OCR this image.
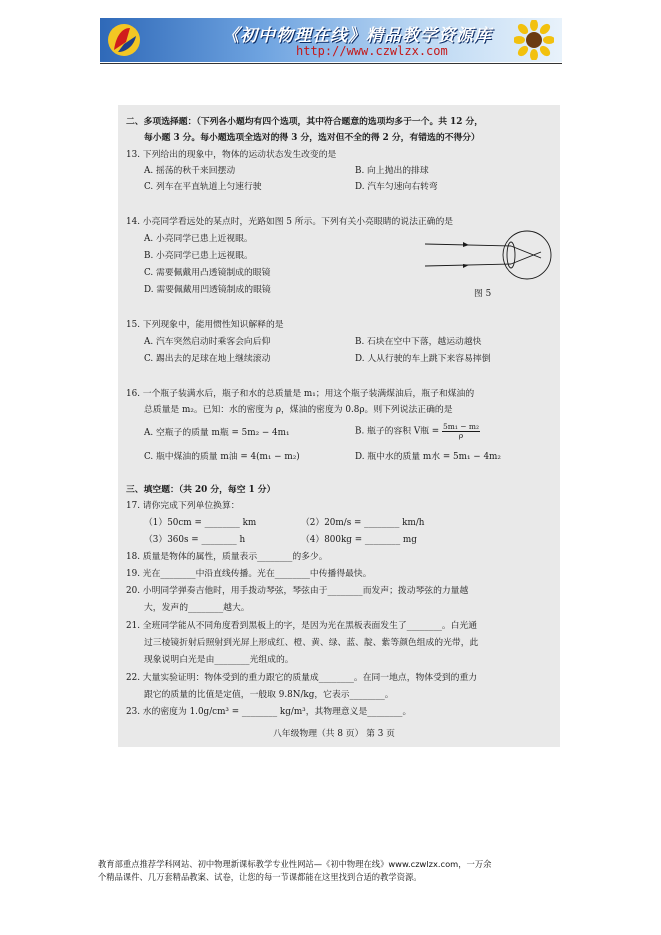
《初中物理在线》精品教学资源库
http://www.czwlzx.com
二、多项选择题：（下列各小题均有四个选项，其中符合题意的选项均多于一个。共 12 分，
每小题 3 分。每小题选项全选对的得 3 分，选对但不全的得 2 分，有错选的不得分）
13. 下列给出的现象中，物体的运动状态发生改变的是
A. 摇荡的秋千来回摆动	B. 向上抛出的排球
C. 列车在平直轨道上匀速行驶	D. 汽车匀速向右转弯
14. 小亮同学看远处的某点时，光路如图 5 所示。下列有关小亮眼睛的说法正确的是
A. 小亮同学已患上近视眼。
B. 小亮同学已患上远视眼。
C. 需要佩戴用凸透镜制成的眼镜
D. 需要佩戴用凹透镜制成的眼镜	图 5
15. 下列现象中，能用惯性知识解释的是
A. 汽车突然启动时乘客会向后仰	B. 石块在空中下落，越运动越快
C. 踢出去的足球在地上继续滚动	D. 人从行驶的车上跳下来容易摔倒
16. 一个瓶子装满水后，瓶子和水的总质量是 m₁；用这个瓶子装满煤油后，瓶子和煤油的
总质量是 m₂。已知：水的密度为 ρ，煤油的密度为 0.8ρ。则下列说法正确的是
A. 空瓶子的质量 m瓶 = 5m₂ − 4m₁	B. 瓶子的容积 V瓶 = $\frac{\text{5m₁ − m₂}}{\rho}$
C. 瓶中煤油的质量 m油 = 4(m₁ − m₂)	D. 瓶中水的质量 m水 = 5m₁ − 4m₂
三、填空题：（共 20 分，每空 1 分）
17. 请你完成下列单位换算：
（1）50cm = ________ km	（2）20m/s = ________ km/h
（3）360s = ________ h	（4）800kg = ________ mg
18. 质量是物体的属性，质量表示________的多少。
19. 光在________中沿直线传播。光在________中传播得最快。
20. 小明同学弹奏吉他时，用手拨动琴弦，琴弦由于________而发声；拨动琴弦的力量越
大，发声的________越大。
21. 全班同学能从不同角度看到黑板上的字，是因为光在黑板表面发生了________。白光通
过三棱镜折射后照射到光屏上形成红、橙、黄、绿、蓝、靛、紫等颜色组成的光带，此
现象说明白光是由________光组成的。
22. 大量实验证明：物体受到的重力跟它的质量成________。在同一地点，物体受到的重力
跟它的质量的比值是定值，一般取 9.8N/kg，它表示________。
23. 水的密度为 1.0g/cm³ = ________ kg/m³，其物理意义是________。
八年级物理（共 8 页） 第 3 页
教育部重点推荐学科网站、初中物理新课标教学专业性网站—《初中物理在线》www.czwlzx.com，一万余
个精品课件、几万套精品教案、试卷，让您的每一节课都能在这里找到合适的教学资源。
